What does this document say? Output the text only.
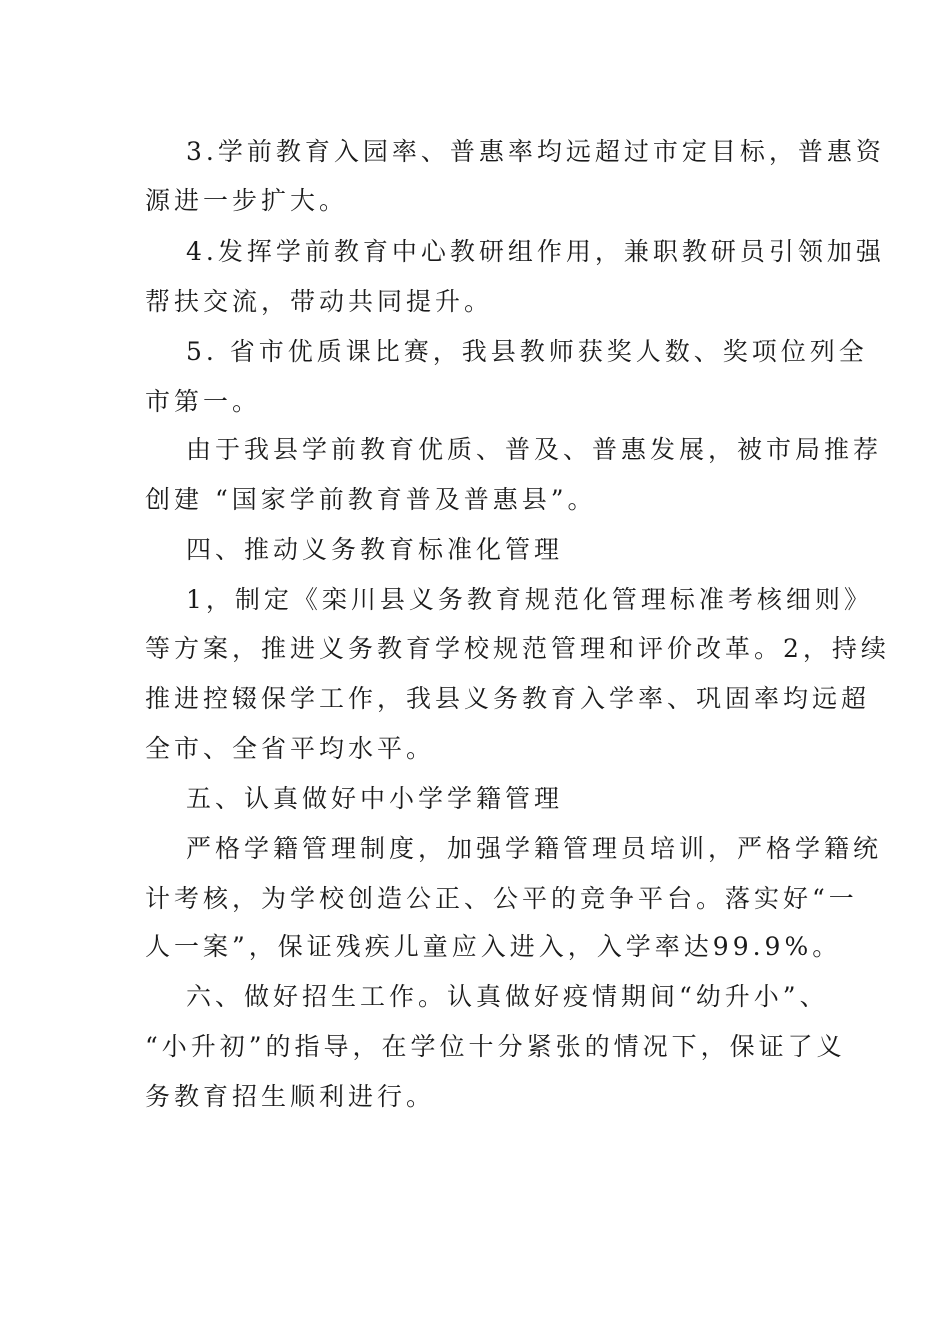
3.学前教育入园率、普惠率均远超过市定目标，普惠资
源进一步扩大。
4.发挥学前教育中心教研组作用，兼职教研员引领加强
帮扶交流，带动共同提升。
5. 省市优质课比赛，我县教师获奖人数、奖项位列全
市第一。
由于我县学前教育优质、普及、普惠发展，被市局推荐
创建 “国家学前教育普及普惠县”。
四、推动义务教育标准化管理
1，制定《栾川县义务教育规范化管理标准考核细则》
等方案，推进义务教育学校规范管理和评价改革。2，持续
推进控辍保学工作，我县义务教育入学率、巩固率均远超
全市、全省平均水平。
五、认真做好中小学学籍管理
严格学籍管理制度，加强学籍管理员培训，严格学籍统
计考核，为学校创造公正、公平的竞争平台。落实好“一
人一案”，保证残疾儿童应入进入，入学率达99.9%。
六、做好招生工作。认真做好疫情期间“幼升小”、
“小升初”的指导，在学位十分紧张的情况下，保证了义
务教育招生顺利进行。
